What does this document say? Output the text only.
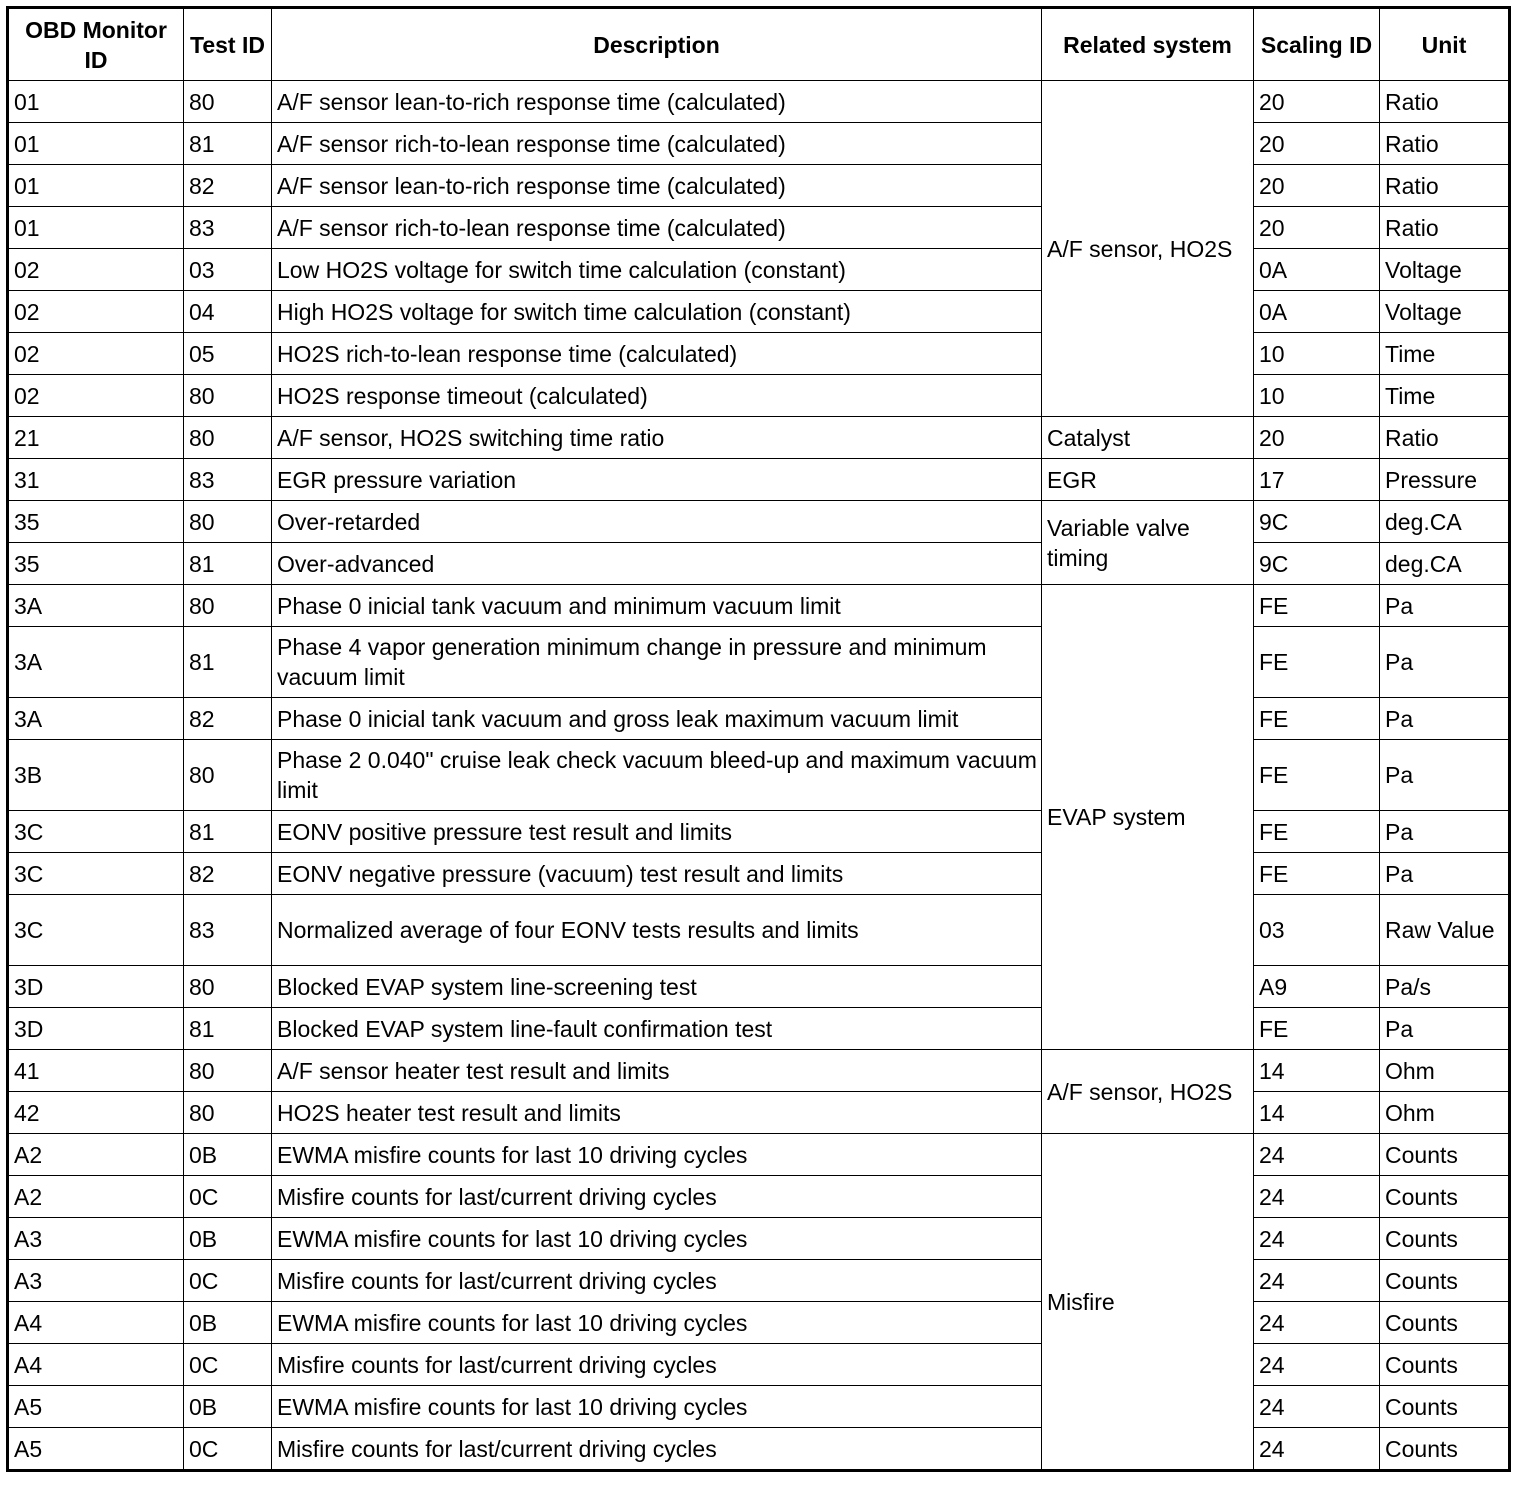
OBD Monitor ID	Test ID	Description	Related system	Scaling ID	Unit
01	80	A/F sensor lean-to-rich response time (calculated)	A/F sensor, HO2S	20	Ratio
01	81	A/F sensor rich-to-lean response time (calculated)		20	Ratio
01	82	A/F sensor lean-to-rich response time (calculated)		20	Ratio
01	83	A/F sensor rich-to-lean response time (calculated)		20	Ratio
02	03	Low HO2S voltage for switch time calculation (constant)		0A	Voltage
02	04	High HO2S voltage for switch time calculation (constant)		0A	Voltage
02	05	HO2S rich-to-lean response time (calculated)		10	Time
02	80	HO2S response timeout (calculated)		10	Time
21	80	A/F sensor, HO2S switching time ratio	Catalyst	20	Ratio
31	83	EGR pressure variation	EGR	17	Pressure
35	80	Over-retarded	Variable valve timing	9C	deg.CA
35	81	Over-advanced		9C	deg.CA
3A	80	Phase 0 inicial tank vacuum and minimum vacuum limit	EVAP system	FE	Pa
3A	81	Phase 4 vapor generation minimum change in pressure and minimum vacuum limit		FE	Pa
3A	82	Phase 0 inicial tank vacuum and gross leak maximum vacuum limit		FE	Pa
3B	80	Phase 2 0.040" cruise leak check vacuum bleed-up and maximum vacuum limit		FE	Pa
3C	81	EONV positive pressure test result and limits		FE	Pa
3C	82	EONV negative pressure (vacuum) test result and limits		FE	Pa
3C	83	Normalized average of four EONV tests results and limits		03	Raw Value
3D	80	Blocked EVAP system line-screening test		A9	Pa/s
3D	81	Blocked EVAP system line-fault confirmation test		FE	Pa
41	80	A/F sensor heater test result and limits	A/F sensor, HO2S	14	Ohm
42	80	HO2S heater test result and limits		14	Ohm
A2	0B	EWMA misfire counts for last 10 driving cycles	Misfire	24	Counts
A2	0C	Misfire counts for last/current driving cycles		24	Counts
A3	0B	EWMA misfire counts for last 10 driving cycles		24	Counts
A3	0C	Misfire counts for last/current driving cycles		24	Counts
A4	0B	EWMA misfire counts for last 10 driving cycles		24	Counts
A4	0C	Misfire counts for last/current driving cycles		24	Counts
A5	0B	EWMA misfire counts for last 10 driving cycles		24	Counts
A5	0C	Misfire counts for last/current driving cycles		24	Counts
